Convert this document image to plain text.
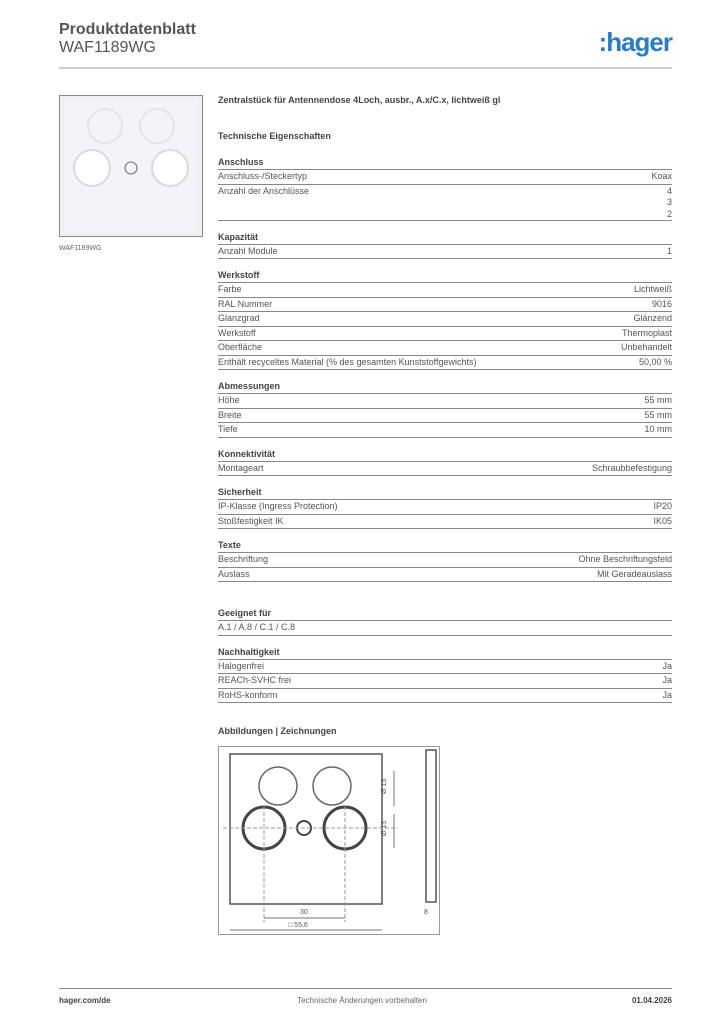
Produktdatenblatt
WAF1189WG	:hager
WAF1189WG
Zentralstück für Antennendose 4Loch, ausbr., A.x/C.x, lichtweiß gl
Technische Eigenschaften
Anschluss
Anschluss-/Steckertyp	Koax
Anzahl der Anschlüsse	4
3
2
Kapazität
Anzahl Module	1
Werkstoff
Farbe	Lichtweiß
RAL Nummer	9016
Glanzgrad	Glänzend
Werkstoff	Thermoplast
Oberfläche	Unbehandelt
Enthält recyceltes Material (% des gesamten Kunststoffgewichts)	50,00 %
Abmessungen
Höhe	55 mm
Breite	55 mm
Tiefe	10 mm
Konnektivität
Montageart	Schraubbefestigung
Sicherheit
IP-Klasse (Ingress Protection)	IP20
Stoßfestigkeit IK	IK05
Texte
Beschriftung	Ohne Beschriftungsfeld
Auslass	Mit Geradeauslass
Geeignet für
A.1 / A.8 / C.1 / C.8
Nachhaltigkeit
Halogenfrei	Ja
REACh-SVHC frei	Ja
RoHS-konform	Ja
Abbildungen | Zeichnungen
Ø 13
Ø 13
30
□ 55,6
8
hager.com/de	Technische Änderungen vorbehalten	01.04.2026
